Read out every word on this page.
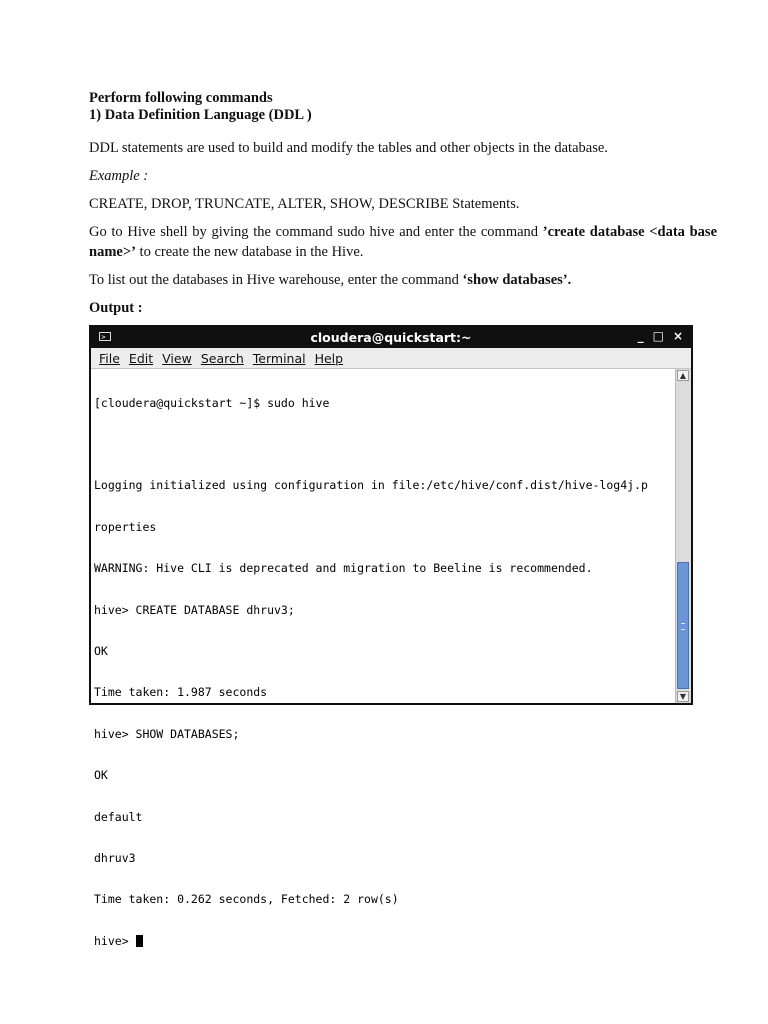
Perform following commands

1) Data Definition Language (DDL )

DDL statements are used to build and modify the tables and other objects in the database.

Example :

CREATE, DROP, TRUNCATE, ALTER, SHOW, DESCRIBE Statements.

Go to Hive shell by giving the command sudo hive and enter the command ’create database <data base name>’ to create the new database in the Hive.

To list out the databases in Hive warehouse, enter the command ‘show databases’.

Output :

>_	cloudera@quickstart:~	_ □ ×
File Edit View Search Terminal Help

[cloudera@quickstart ~]$ sudo hive

Logging initialized using configuration in file:/etc/hive/conf.dist/hive-log4j.p

roperties

WARNING: Hive CLI is deprecated and migration to Beeline is recommended.

hive> CREATE DATABASE dhruv3;

OK

Time taken: 1.987 seconds

hive> SHOW DATABASES;

OK

default

dhruv3

Time taken: 0.262 seconds, Fetched: 2 row(s)

hive>

▲
▼
